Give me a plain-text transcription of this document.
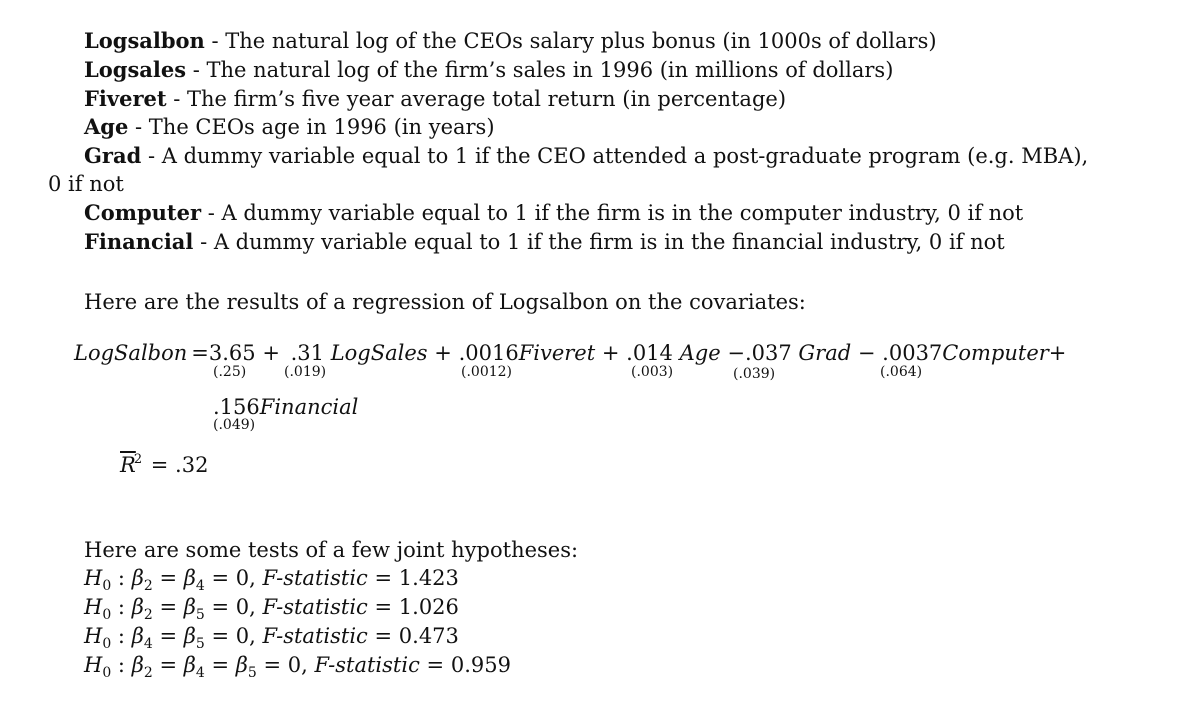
Logsalbon - The natural log of the CEOs salary plus bonus (in 1000s of dollars)
Logsales - The natural log of the firm’s sales in 1996 (in millions of dollars)
Fiveret - The firm’s five year average total return (in percentage)
Age - The CEOs age in 1996 (in years)
Grad - A dummy variable equal to 1 if the CEO attended a post-graduate program (e.g. MBA),
0 if not
Computer - A dummy variable equal to 1 if the firm is in the computer industry, 0 if not
Financial - A dummy variable equal to 1 if the firm is in the financial industry, 0 if not
Here are the results of a regression of Logsalbon on the covariates:
LogSalbon =3.65 + .31 LogSales + .0016Fiveret + .014 Age −.037 Grad − .0037Computer+
(.25)	(.019)	(.0012)	(.003)	(.039)	(.064)
.156Financial
(.049)
$\overline{R}^2 = .32$
Here are some tests of a few joint hypotheses:
$H_0$ : $\beta_2 = \beta_4 = 0$, F-statistic = 1.423
$H_0$ : $\beta_2 = \beta_5 = 0$, F-statistic = 1.026
$H_0$ : $\beta_4 = \beta_5 = 0$, F-statistic = 0.473
$H_0$ : $\beta_2 = \beta_4 = \beta_5 = 0$, F-statistic = 0.959
